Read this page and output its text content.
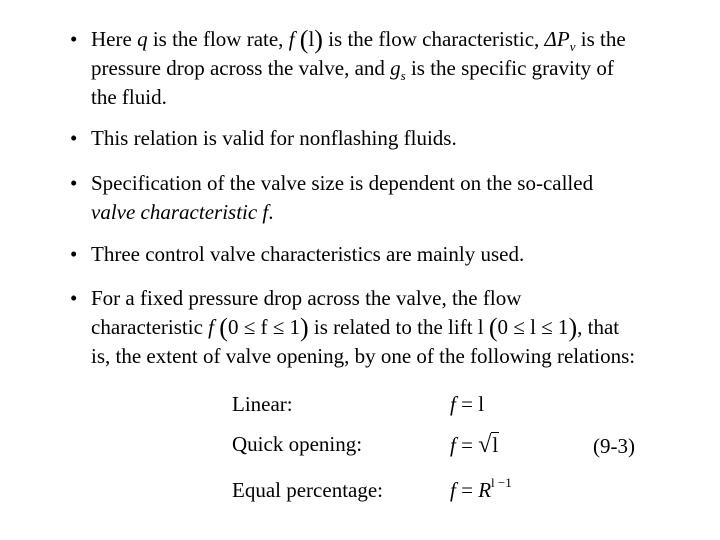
• Here q is the flow rate, f (l) is the flow characteristic, $\Delta P_v$ is the
pressure drop across the valve, and $g_s$ is the specific gravity of
the fluid.
• This relation is valid for nonflashing fluids.
• Specification of the valve size is dependent on the so-called
valve characteristic f.
• Three control valve characteristics are mainly used.
• For a fixed pressure drop across the valve, the flow
characteristic f (0 ≤ f ≤ 1) is related to the lift l (0 ≤ l ≤ 1), that
is, the extent of valve opening, by one of the following relations:
Linear:	f = l
Quick opening:	f = √l	(9-3)
Equal percentage:	$f = R^{l -1}$
